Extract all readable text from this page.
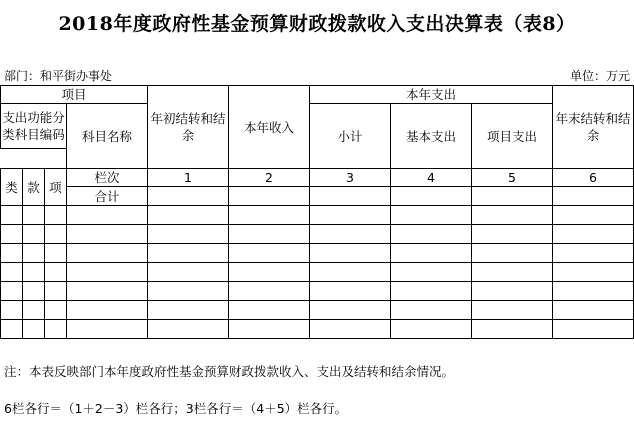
2018年度政府性基金预算财政拨款收入支出决算表（表8）
部门：和平街办事处	单位：万元
项目				年初结转和结余	本年收入	本年支出			年末结转和结余
支出功能分类科目编码			科目名称			小计	基本支出	项目支出	

类	款	项	栏次	1	2	3	4	5	6
			合计						

注：本表反映部门本年度政府性基金预算财政拨款收入、支出及结转和结余情况。
6栏各行＝（1＋2－3）栏各行；3栏各行＝（4＋5）栏各行。
